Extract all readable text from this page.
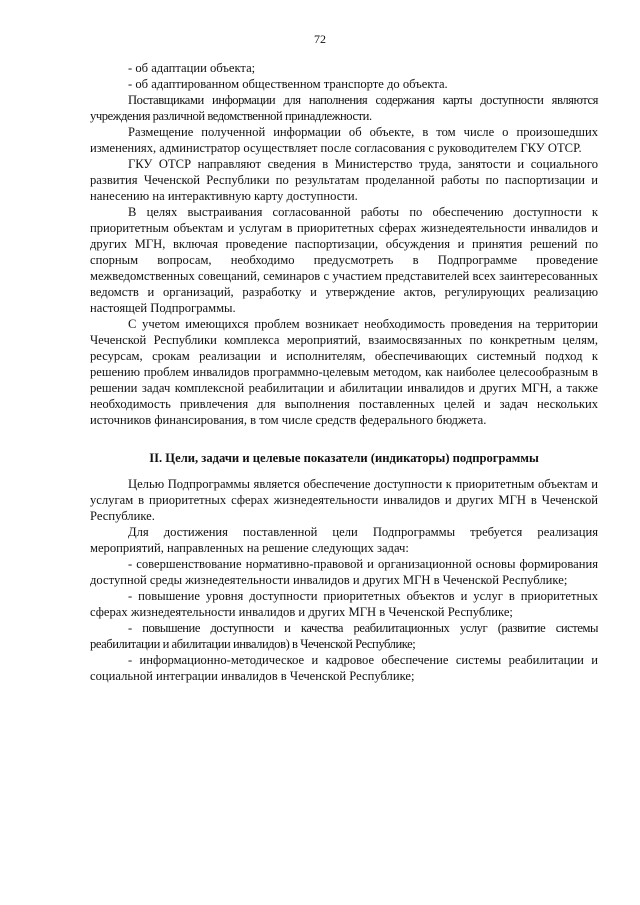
72

- об адаптации объекта;

- об адаптированном общественном транспорте до объекта.

Поставщиками информации для наполнения содержания карты доступности являются учреждения различной ведомственной принадлежности.

Размещение полученной информации об объекте, в том числе о произошедших изменениях, администратор осуществляет после согласования с руководителем ГКУ ОТСР.

ГКУ ОТСР направляют сведения в Министерство труда, занятости и социального развития Чеченской Республики по результатам проделанной работы по паспортизации и нанесению на интерактивную карту доступности.

В целях выстраивания согласованной работы по обеспечению доступности к приоритетным объектам и услугам в приоритетных сферах жизнедеятельности инвалидов и других МГН, включая проведение паспортизации, обсуждения и принятия решений по спорным вопросам, необходимо предусмотреть в Подпрограмме проведение межведомственных совещаний, семинаров с участием представителей всех заинтересованных ведомств и организаций, разработку и утверждение актов, регулирующих реализацию настоящей Подпрограммы.

С учетом имеющихся проблем возникает необходимость проведения на территории Чеченской Республики комплекса мероприятий, взаимосвязанных по конкретным целям, ресурсам, срокам реализации и исполнителям, обеспечивающих системный подход к решению проблем инвалидов программно-целевым методом, как наиболее целесообразным в решении задач комплексной реабилитации и абилитации инвалидов и других МГН, а также необходимость привлечения для выполнения поставленных целей и задач нескольких источников финансирования, в том числе средств федерального бюджета.

II. Цели, задачи и целевые показатели (индикаторы) подпрограммы

Целью Подпрограммы является обеспечение доступности к приоритетным объектам и услугам в приоритетных сферах жизнедеятельности инвалидов и других МГН в Чеченской Республике.

Для достижения поставленной цели Подпрограммы требуется реализация мероприятий, направленных на решение следующих задач:

- совершенствование нормативно-правовой и организационной основы формирования доступной среды жизнедеятельности инвалидов и других МГН в Чеченской Республике;

- повышение уровня доступности приоритетных объектов и услуг в приоритетных сферах жизнедеятельности инвалидов и других МГН в Чеченской Республике;

- повышение доступности и качества реабилитационных услуг (развитие системы реабилитации и абилитации инвалидов) в Чеченской Республике;

- информационно-методическое и кадровое обеспечение системы реабилитации и социальной интеграции инвалидов в Чеченской Республике;
